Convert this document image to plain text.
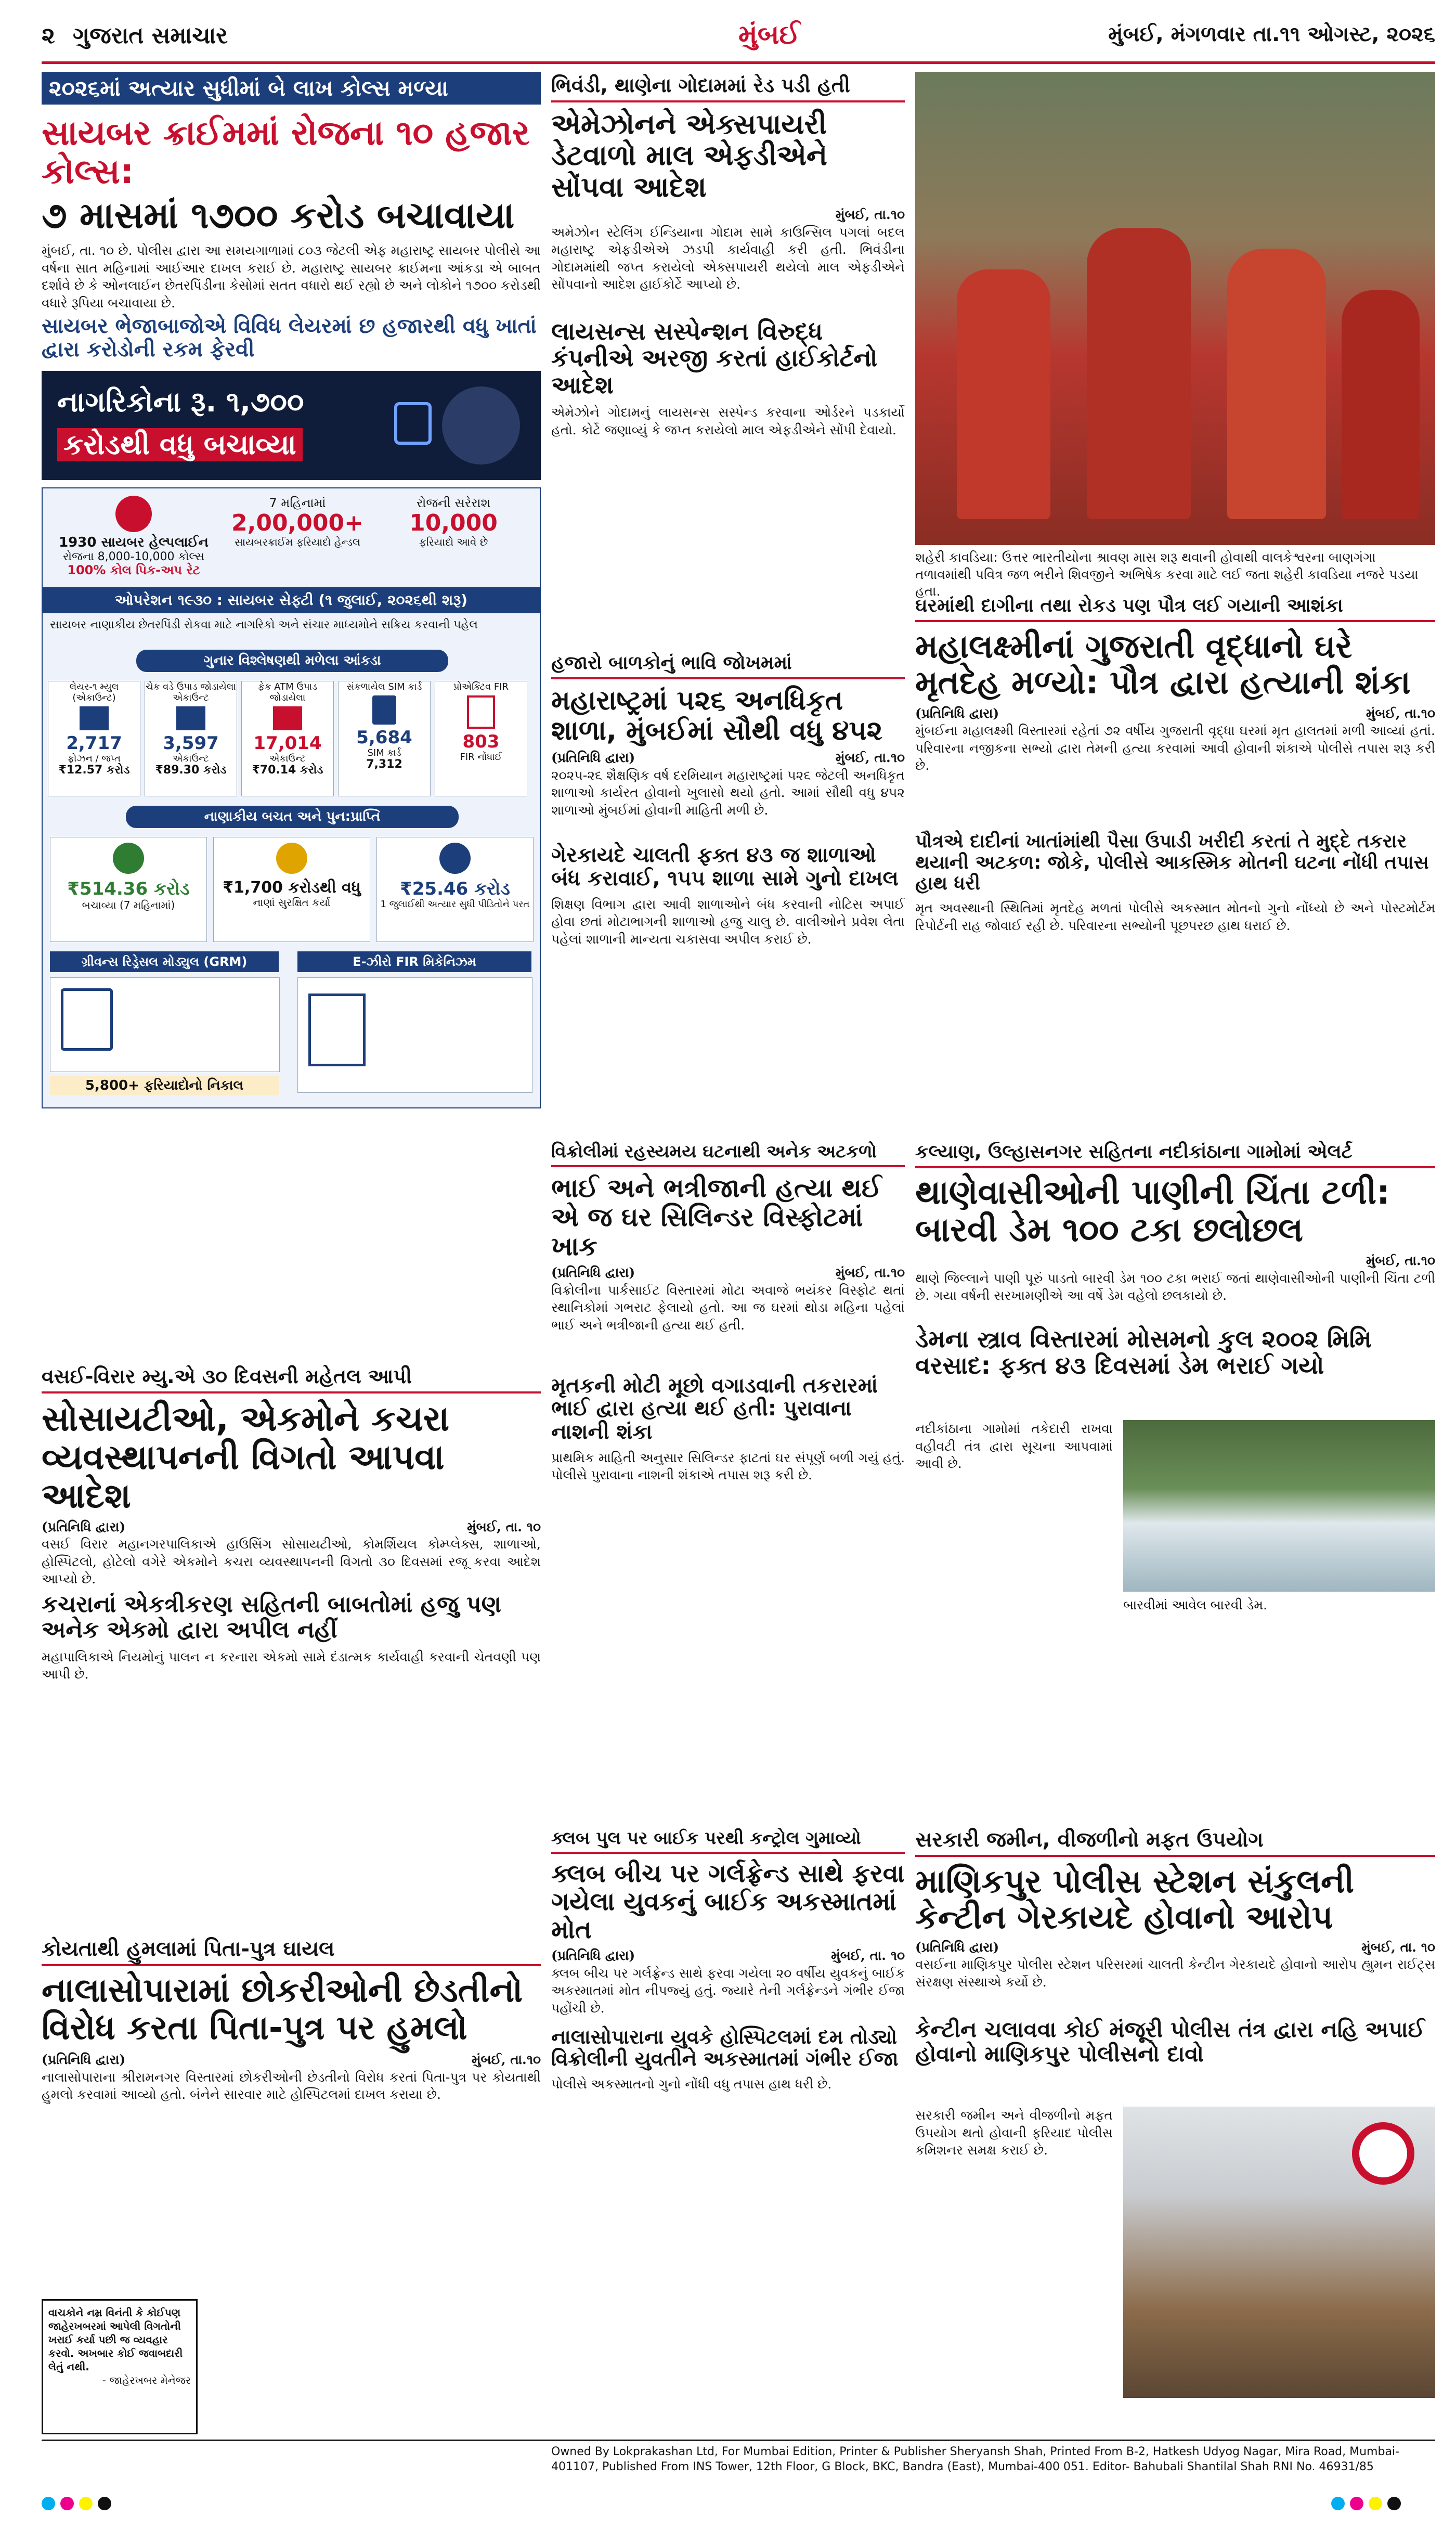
૨ ગુજરાત સમાચાર	મુંબઈ	મુંબઈ, મંગળવાર તા.૧૧ ઓગસ્ટ, ૨૦૨૬
૨૦૨૬માં અત્યાર સુધીમાં બે લાખ કોલ્સ મળ્યા
સાયબર ક્રાઈમમાં રોજના ૧૦ હજાર કોલ્સ:
૭ માસમાં ૧૭૦૦ કરોડ બચાવાયા
મુંબઈ, તા. ૧૦ છે. પોલીસ દ્વારા આ સમયગાળામાં ૮૦૩ જેટલી એફ મહારાષ્ટ્ર સાયબર પોલીસે આ વર્ષના સાત મહિનામાં આઈઆર દાખલ કરાઈ છે. મહારાષ્ટ્ર સાયબર ક્રાઈમના આંકડા એ બાબત દર્શાવે છે કે ઓનલાઈન છેતરપિંડીના કેસોમાં સતત વધારો થઈ રહ્યો છે અને લોકોને ૧૭૦૦ કરોડથી વધારે રૂપિયા બચાવાયા છે.
સાયબર ભેજાબાજોએ વિવિધ લેયરમાં છ હજારથી વધુ ખાતાં દ્વારા કરોડોની રકમ ફેરવી
નાગરિકોના રૂ. ૧,૭૦૦
કરોડથી વધુ બચાવ્યા
1930 સાયબર હેલ્પલાઈન
રોજના 8,000-10,000 કોલ્સ
100% કોલ પિક-અપ રેટ
7 મહિનામાં
2,00,000+
સાયબરક્રાઈમ ફરિયાદો હેન્ડલ
રોજની સરેરાશ
10,000
ફરિયાદો આવે છે
ઓપરેશન ૧૯૩૦ : સાયબર સેફ્ટી (૧ જુલાઈ, ૨૦૨૬થી શરૂ)
સાયબર નાણાકીય છેતરપિંડી રોકવા માટે નાગરિકો અને સંચાર માધ્યમોને સક્રિય કરવાની પહેલ
ગુનાર વિશ્લેષણથી મળેલા આંકડા
લેયર-૧ મ્યુલ (એકાઉન્ટ)
2,717
ફ્રોઝન / જપ્ત
₹12.57 કરોડ
ચેક વડે ઉપાડ જોડાયેલા એકાઉન્ટ
3,597
એકાઉન્ટ
₹89.30 કરોડ
ફેક ATM ઉપાડ જોડાયેલા
17,014
એકાઉન્ટ
₹70.14 કરોડ
સંકળાયેલ SIM કાર્ડ
5,684
SIM કાર્ડ
7,312
પ્રોએક્ટિવ FIR
803
FIR નોંધાઈ
નાણાકીય બચત અને પુન:પ્રાપ્તિ
₹514.36 કરોડ
બચાવ્યા (7 મહિનામાં)
₹1,700 કરોડથી વધુ
નાણાં સુરક્ષિત કર્યા
₹25.46 કરોડ
1 જુલાઈથી અત્યાર સુધી પીડિતોને પરત
ગ્રીવન્સ રિડ્રેસલ મોડ્યુલ (GRM)	E-ઝીરો FIR મિકેનિઝમ
5,800+ ફરિયાદોનો નિકાલ
ભિવંડી, થાણેના ગોદામમાં રેડ પડી હતી
એમેઝોનને એક્સપાયરી ડેટવાળો માલ એફડીએને સોંપવા આદેશ
મુંબઈ, તા.૧૦
અમેઝોન સ્ટેલિંગ ઈન્ડિયાના ગોદામ સામે કાઉન્સિલ પગલાં બદલ મહારાષ્ટ્ર એફડીએએ ઝડપી કાર્યવાહી કરી હતી. ભિવંડીના ગોદામમાંથી જપ્ત કરાયેલો એક્સપાયરી થયેલો માલ એફડીએને સોંપવાનો આદેશ હાઈકોર્ટે આપ્યો છે.
લાયસન્સ સસ્પેન્શન વિરુદ્ધ કંપનીએ અરજી કરતાં હાઈકોર્ટનો આદેશ
એમેઝોને ગોદામનું લાયસન્સ સસ્પેન્ડ કરવાના ઓર્ડરને પડકાર્યો હતો. કોર્ટે જણાવ્યું કે જપ્ત કરાયેલો માલ એફડીએને સોંપી દેવાયો.
શહેરી કાવડિયા: ઉત્તર ભારતીયોના શ્રાવણ માસ શરૂ થવાની હોવાથી વાલકેશ્વરના બાણગંગા તળાવમાંથી પવિત્ર જળ ભરીને શિવજીને અભિષેક કરવા માટે લઈ જતા શહેરી કાવડિયા નજરે પડયા હતા.
ઘરમાંથી દાગીના તથા રોકડ પણ પૌત્ર લઈ ગયાની આશંકા
મહાલક્ષ્મીનાં ગુજરાતી વૃદ્ધાનો ઘરે મૃતદેહ મળ્યો: પૌત્ર દ્વારા હત્યાની શંકા
(પ્રતિનિધિ દ્વારા)	મુંબઈ, તા.૧૦
મુંબઈના મહાલક્ષ્મી વિસ્તારમાં રહેતાં ૭૨ વર્ષીય ગુજરાતી વૃદ્ધા ઘરમાં મૃત હાલતમાં મળી આવ્યાં હતાં. પરિવારના નજીકના સભ્યો દ્વારા તેમની હત્યા કરવામાં આવી હોવાની શંકાએ પોલીસે તપાસ શરૂ કરી છે.
પૌત્રએ દાદીનાં ખાતાંમાંથી પૈસા ઉપાડી ખરીદી કરતાં તે મુદ્દે તકરાર થયાની અટકળ: જોકે, પોલીસે આકસ્મિક મોતની ઘટના નોંધી તપાસ હાથ ધરી
મૃત અવસ્થાની સ્થિતિમાં મૃતદેહ મળતાં પોલીસે અકસ્માત મોતનો ગુનો નોંધ્યો છે અને પોસ્ટમોર્ટમ રિપોર્ટની રાહ જોવાઈ રહી છે. પરિવારના સભ્યોની પૂછપરછ હાથ ધરાઈ છે.
હજારો બાળકોનું ભાવિ જોખમમાં
મહારાષ્ટ્રમાં ૫૨૬ અનધિકૃત શાળા, મુંબઈમાં સૌથી વધુ ૪૫૨
(પ્રતિનિધિ દ્વારા)	મુંબઈ, તા.૧૦
૨૦૨૫-૨૬ શૈક્ષણિક વર્ષ દરમિયાન મહારાષ્ટ્રમાં ૫૨૬ જેટલી અનધિકૃત શાળાઓ કાર્યરત હોવાનો ખુલાસો થયો હતો. આમાં સૌથી વધુ ૪૫૨ શાળાઓ મુંબઈમાં હોવાની માહિતી મળી છે.
ગેરકાયદે ચાલતી ફક્ત ૪૩ જ શાળાઓ બંધ કરાવાઈ, ૧૫૫ શાળા સામે ગુનો દાખલ
શિક્ષણ વિભાગ દ્વારા આવી શાળાઓને બંધ કરવાની નોટિસ અપાઈ હોવા છતાં મોટાભાગની શાળાઓ હજુ ચાલુ છે. વાલીઓને પ્રવેશ લેતા પહેલાં શાળાની માન્યતા ચકાસવા અપીલ કરાઈ છે.
વિક્રોલીમાં રહસ્યમય ઘટનાથી અનેક અટકળો
ભાઈ અને ભત્રીજાની હત્યા થઈ એ જ ઘર સિલિન્ડર વિસ્ફોટમાં ખાક
(પ્રતિનિધિ દ્વારા)	મુંબઈ, તા.૧૦
વિક્રોલીના પાર્કસાઈટ વિસ્તારમાં મોટા અવાજે ભયંકર વિસ્ફોટ થતાં સ્થાનિકોમાં ગભરાટ ફેલાયો હતો. આ જ ઘરમાં થોડા મહિના પહેલાં ભાઈ અને ભત્રીજાની હત્યા થઈ હતી.
મૃતકની મોટી મૂછો વગાડવાની તકરારમાં ભાઈ દ્વારા હત્યા થઈ હતી: પુરાવાના નાશની શંકા
પ્રાથમિક માહિતી અનુસાર સિલિન્ડર ફાટતાં ઘર સંપૂર્ણ બળી ગયું હતું. પોલીસે પુરાવાના નાશની શંકાએ તપાસ શરૂ કરી છે.
કલ્યાણ, ઉલ્હાસનગર સહિતના નદીકાંઠાના ગામોમાં એલર્ટ
થાણેવાસીઓની પાણીની ચિંતા ટળી: બારવી ડેમ ૧૦૦ ટકા છલોછલ
મુંબઈ, તા.૧૦
થાણે જિલ્લાને પાણી પૂરું પાડતો બારવી ડેમ ૧૦૦ ટકા ભરાઈ જતાં થાણેવાસીઓની પાણીની ચિંતા ટળી છે. ગયા વર્ષની સરખામણીએ આ વર્ષે ડેમ વહેલો છલકાયો છે.
ડેમના સ્ત્રાવ વિસ્તારમાં મોસમનો કુલ ૨૦૦૨ મિમિ વરસાદ: ફક્ત ૪૩ દિવસમાં ડેમ ભરાઈ ગયો
નદીકાંઠાના ગામોમાં તકેદારી રાખવા વહીવટી તંત્ર દ્વારા સૂચના આપવામાં આવી છે.
બારવીમાં આવેલ બારવી ડેમ.
વસઈ-વિરાર મ્યુ.એ ૩૦ દિવસની મહેતલ આપી
સોસાયટીઓ, એકમોને કચરા વ્યવસ્થાપનની વિગતો આપવા આદેશ
(પ્રતિનિધિ દ્વારા)	મુંબઈ, તા. ૧૦
વસઈ વિરાર મહાનગરપાલિકાએ હાઉસિંગ સોસાયટીઓ, કોમર્શિયલ કોમ્પ્લેક્સ, શાળાઓ, હોસ્પિટલો, હોટેલો વગેરે એકમોને કચરા વ્યવસ્થાપનની વિગતો ૩૦ દિવસમાં રજૂ કરવા આદેશ આપ્યો છે.
કચરાનાં એકત્રીકરણ સહિતની બાબતોમાં હજુ પણ અનેક એકમો દ્વારા અપીલ નહીં
મહાપાલિકાએ નિયમોનું પાલન ન કરનારા એકમો સામે દંડાત્મક કાર્યવાહી કરવાની ચેતવણી પણ આપી છે.
કોયતાથી હુમલામાં પિતા-પુત્ર ઘાયલ
નાલાસોપારામાં છોકરીઓની છેડતીનો વિરોધ કરતા પિતા-પુત્ર પર હુમલો
(પ્રતિનિધિ દ્વારા)	મુંબઈ, તા.૧૦
નાલાસોપારાના શ્રીરામનગર વિસ્તારમાં છોકરીઓની છેડતીનો વિરોધ કરતાં પિતા-પુત્ર પર કોયતાથી હુમલો કરવામાં આવ્યો હતો. બંનેને સારવાર માટે હોસ્પિટલમાં દાખલ કરાયા છે.
વાચકોને નમ્ર વિનંતી કે કોઈપણ જાહેરખબરમાં આપેલી વિગતોની ખરાઈ કર્યા પછી જ વ્યવહાર કરવો. અખબાર કોઈ જવાબદારી લેતું નથી.
- જાહેરખબર મેનેજર
ક્લબ પુલ પર બાઈક પરથી કન્ટ્રોલ ગુમાવ્યો
ક્લબ બીચ પર ગર્લફ્રેન્ડ સાથે ફરવા ગયેલા યુવકનું બાઈક અકસ્માતમાં મોત
(પ્રતિનિધિ દ્વારા)	મુંબઈ, તા. ૧૦
ક્લબ બીચ પર ગર્લફ્રેન્ડ સાથે ફરવા ગયેલા ૨૦ વર્ષીય યુવકનું બાઈક અકસ્માતમાં મોત નીપજ્યું હતું. જ્યારે તેની ગર્લફ્રેન્ડને ગંભીર ઈજા પહોંચી છે.
નાલાસોપારાના યુવકે હોસ્પિટલમાં દમ તોડ્યો વિક્રોલીની યુવતીને અકસ્માતમાં ગંભીર ઈજા
પોલીસે અકસ્માતનો ગુનો નોંધી વધુ તપાસ હાથ ધરી છે.
સરકારી જમીન, વીજળીનો મફત ઉપયોગ
માણિકપુર પોલીસ સ્ટેશન સંકુલની કેન્ટીન ગેરકાયદે હોવાનો આરોપ
(પ્રતિનિધિ દ્વારા)	મુંબઈ, તા. ૧૦
વસઈના માણિકપુર પોલીસ સ્ટેશન પરિસરમાં ચાલતી કેન્ટીન ગેરકાયદે હોવાનો આરોપ હ્યુમન રાઈટ્સ સંરક્ષણ સંસ્થાએ કર્યો છે.
કેન્ટીન ચલાવવા કોઈ મંજૂરી પોલીસ તંત્ર દ્વારા નહિ અપાઈ હોવાનો માણિકપુર પોલીસનો દાવો
સરકારી જમીન અને વીજળીનો મફત ઉપયોગ થતો હોવાની ફરિયાદ પોલીસ કમિશનર સમક્ષ કરાઈ છે.
Owned By Lokprakashan Ltd, For Mumbai Edition, Printer & Publisher Sheryansh Shah, Printed From B-2, Hatkesh Udyog Nagar, Mira Road, Mumbai-401107, Published From INS Tower, 12th Floor, G Block, BKC, Bandra (East), Mumbai-400 051. Editor- Bahubali Shantilal Shah RNI No. 46931/85
